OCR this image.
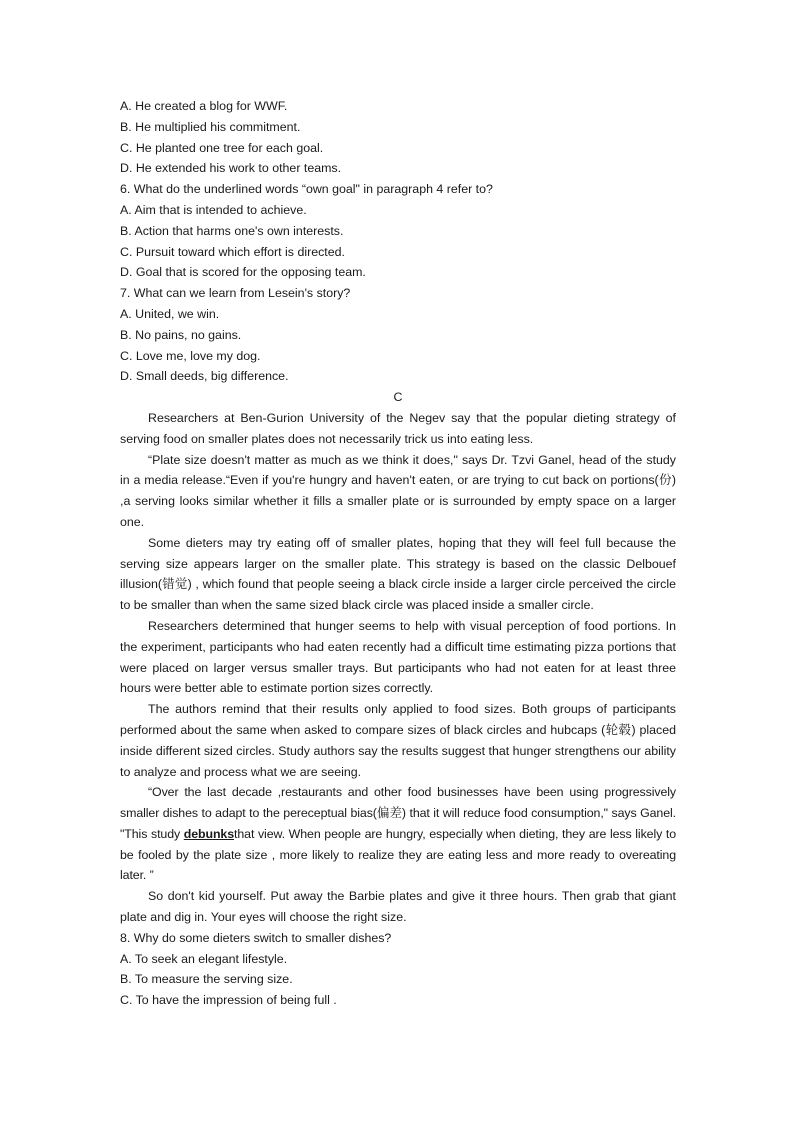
A. He created a blog for WWF.
B. He multiplied his commitment.
C. He planted one tree for each goal.
D. He extended his work to other teams.
6. What do the underlined words “own goal" in paragraph 4 refer to?
A. Aim that is intended to achieve.
B. Action that harms one's own interests.
C. Pursuit toward which effort is directed.
D. Goal that is scored for the opposing team.
7. What can we learn from Lesein's story?
A. United, we win.
B. No pains, no gains.
C. Love me, love my dog.
D. Small deeds, big difference.
C
Researchers at Ben-Gurion University of the Negev say that the popular dieting strategy of serving food on smaller plates does not necessarily trick us into eating less.
“Plate size doesn't matter as much as we think it does," says Dr. Tzvi Ganel, head of the study in a media release.“Even if you're hungry and haven't eaten, or are trying to cut back on portions(份) ,a serving looks similar whether it fills a smaller plate or is surrounded by empty space on a larger one.
Some dieters may try eating off of smaller plates, hoping that they will feel full because the serving size appears larger on the smaller plate. This strategy is based on the classic Delbouef illusion(错觉) , which found that people seeing a black circle inside a larger circle perceived the circle to be smaller than when the same sized black circle was placed inside a smaller circle.
Researchers determined that hunger seems to help with visual perception of food portions. In the experiment, participants who had eaten recently had a difficult time estimating pizza portions that were placed on larger versus smaller trays. But participants who had not eaten for at least three hours were better able to estimate portion sizes correctly.
The authors remind that their results only applied to food sizes. Both groups of participants performed about the same when asked to compare sizes of black circles and hubcaps (轮毂) placed inside different sized circles. Study authors say the results suggest that hunger strengthens our ability to analyze and process what we are seeing.
“Over the last decade ,restaurants and other food businesses have been using progressively smaller dishes to adapt to the pereceptual bias(偏差) that it will reduce food consumption," says Ganel. "This study debunksthat view. When people are hungry, especially when dieting, they are less likely to be fooled by the plate size , more likely to realize they are eating less and more ready to overeating later. ”
So don't kid yourself. Put away the Barbie plates and give it three hours. Then grab that giant plate and dig in. Your eyes will choose the right size.
8. Why do some dieters switch to smaller dishes?
A. To seek an elegant lifestyle.
B. To measure the serving size.
C. To have the impression of being full .
